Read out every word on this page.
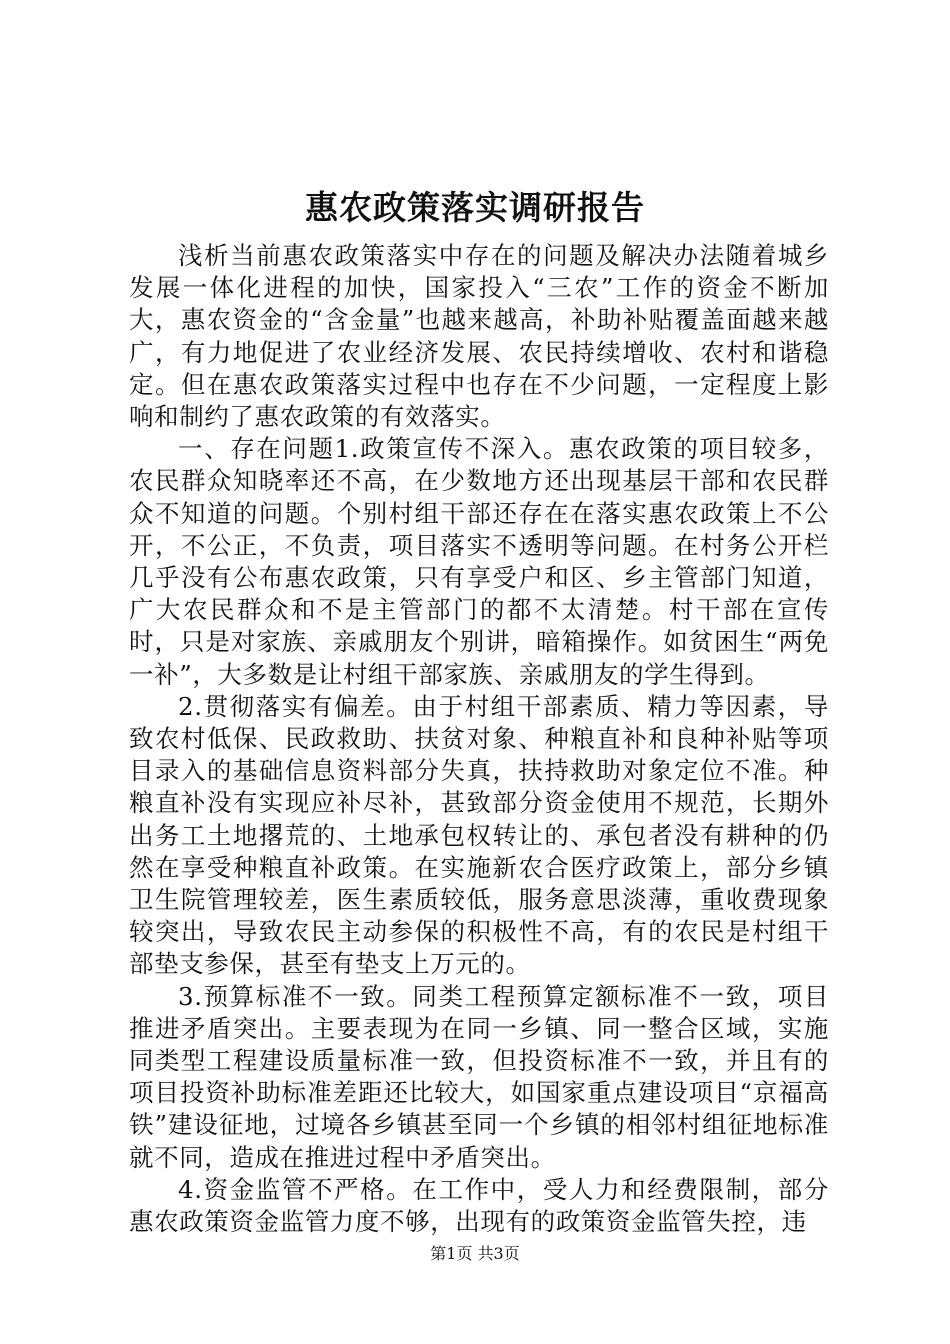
惠农政策落实调研报告

浅析当前惠农政策落实中存在的问题及解决办法随着城乡发展一体化进程的加快，国家投入“三农”工作的资金不断加大，惠农资金的“含金量”也越来越高，补助补贴覆盖面越来越广，有力地促进了农业经济发展、农民持续增收、农村和谐稳定。但在惠农政策落实过程中也存在不少问题，一定程度上影响和制约了惠农政策的有效落实。

一、存在问题1.政策宣传不深入。惠农政策的项目较多，农民群众知晓率还不高，在少数地方还出现基层干部和农民群众不知道的问题。个别村组干部还存在在落实惠农政策上不公开，不公正，不负责，项目落实不透明等问题。在村务公开栏几乎没有公布惠农政策，只有享受户和区、乡主管部门知道，广大农民群众和不是主管部门的都不太清楚。村干部在宣传时，只是对家族、亲戚朋友个别讲，暗箱操作。如贫困生“两免一补”，大多数是让村组干部家族、亲戚朋友的学生得到。

2.贯彻落实有偏差。由于村组干部素质、精力等因素，导致农村低保、民政救助、扶贫对象、种粮直补和良种补贴等项目录入的基础信息资料部分失真，扶持救助对象定位不准。种粮直补没有实现应补尽补，甚致部分资金使用不规范，长期外出务工土地撂荒的、土地承包权转让的、承包者没有耕种的仍然在享受种粮直补政策。在实施新农合医疗政策上，部分乡镇卫生院管理较差，医生素质较低，服务意思淡薄，重收费现象较突出，导致农民主动参保的积极性不高，有的农民是村组干部垫支参保，甚至有垫支上万元的。

3.预算标准不一致。同类工程预算定额标准不一致，项目推进矛盾突出。主要表现为在同一乡镇、同一整合区域，实施同类型工程建设质量标准一致，但投资标准不一致，并且有的项目投资补助标准差距还比较大，如国家重点建设项目“京福高铁”建设征地，过境各乡镇甚至同一个乡镇的相邻村组征地标准就不同，造成在推进过程中矛盾突出。

4.资金监管不严格。在工作中，受人力和经费限制，部分惠农政策资金监管力度不够，出现有的政策资金监管失控，违

第1页 共3页
